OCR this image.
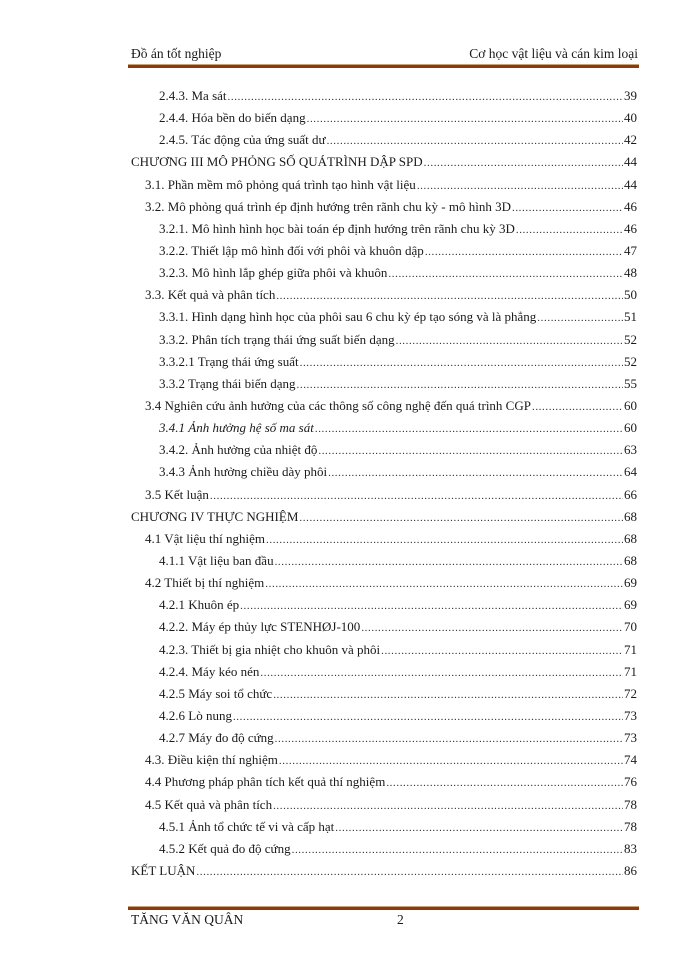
Đồ án tốt nghiệp	Cơ học vật liệu và cán kim loại
2.4.3. Ma sát .....	39
2.4.4. Hóa bền do biến dạng .....	40
2.4.5. Tác động của ứng suất dư .....	42
CHƯƠNG III MÔ PHỎNG SỐ QUÁTRÌNH DẬP SPD .....	44
3.1. Phần mềm mô phỏng quá trình tạo hình vật liệu .....	44
3.2. Mô phỏng quá trình ép định hướng trên rãnh chu kỳ - mô hình 3D .....	46
3.2.1. Mô hình hình học bài toán ép định hướng trên rãnh chu kỳ 3D .....	46
3.2.2. Thiết lập mô hình đối với phôi và khuôn dập .....	47
3.2.3. Mô hình lắp ghép giữa phôi và khuôn .....	48
3.3. Kết quả và phân tích .....	50
3.3.1. Hình dạng hình học của phôi sau 6 chu kỳ ép tạo sóng và là phẳng .....	51
3.3.2. Phân tích trạng thái ứng suất biến dạng .....	52
3.3.2.1 Trạng thái ứng suất .....	52
3.3.2 Trạng thái biến dạng .....	55
3.4 Nghiên cứu ảnh hưởng của các thông số công nghệ đến quá trình CGP .....	60
3.4.1 Ảnh hưởng hệ số ma sát .....	60
3.4.2. Ảnh hưởng của nhiệt độ .....	63
3.4.3 Ảnh hưởng chiều dày phôi .....	64
3.5 Kết luận .....	66
CHƯƠNG IV THỰC NGHIỆM .....	68
4.1 Vật liệu thí nghiệm .....	68
4.1.1 Vật liệu ban đầu .....	68
4.2 Thiết bị thí nghiệm .....	69
4.2.1 Khuôn ép .....	69
4.2.2. Máy ép thủy lực STENHØJ-100 .....	70
4.2.3. Thiết bị gia nhiệt cho khuôn và phôi .....	71
4.2.4. Máy kéo nén .....	71
4.2.5 Máy soi tổ chức .....	72
4.2.6 Lò nung .....	73
4.2.7 Máy đo độ cứng .....	73
4.3. Điều kiện thí nghiệm .....	74
4.4 Phương pháp phân tích kết quả thí nghiệm .....	76
4.5 Kết quả và phân tích .....	78
4.5.1 Ảnh tổ chức tế vi và cấp hạt .....	78
4.5.2 Kết quả đo độ cứng .....	83
KẾT LUẬN .....	86
TĂNG VĂN QUÂN	2
